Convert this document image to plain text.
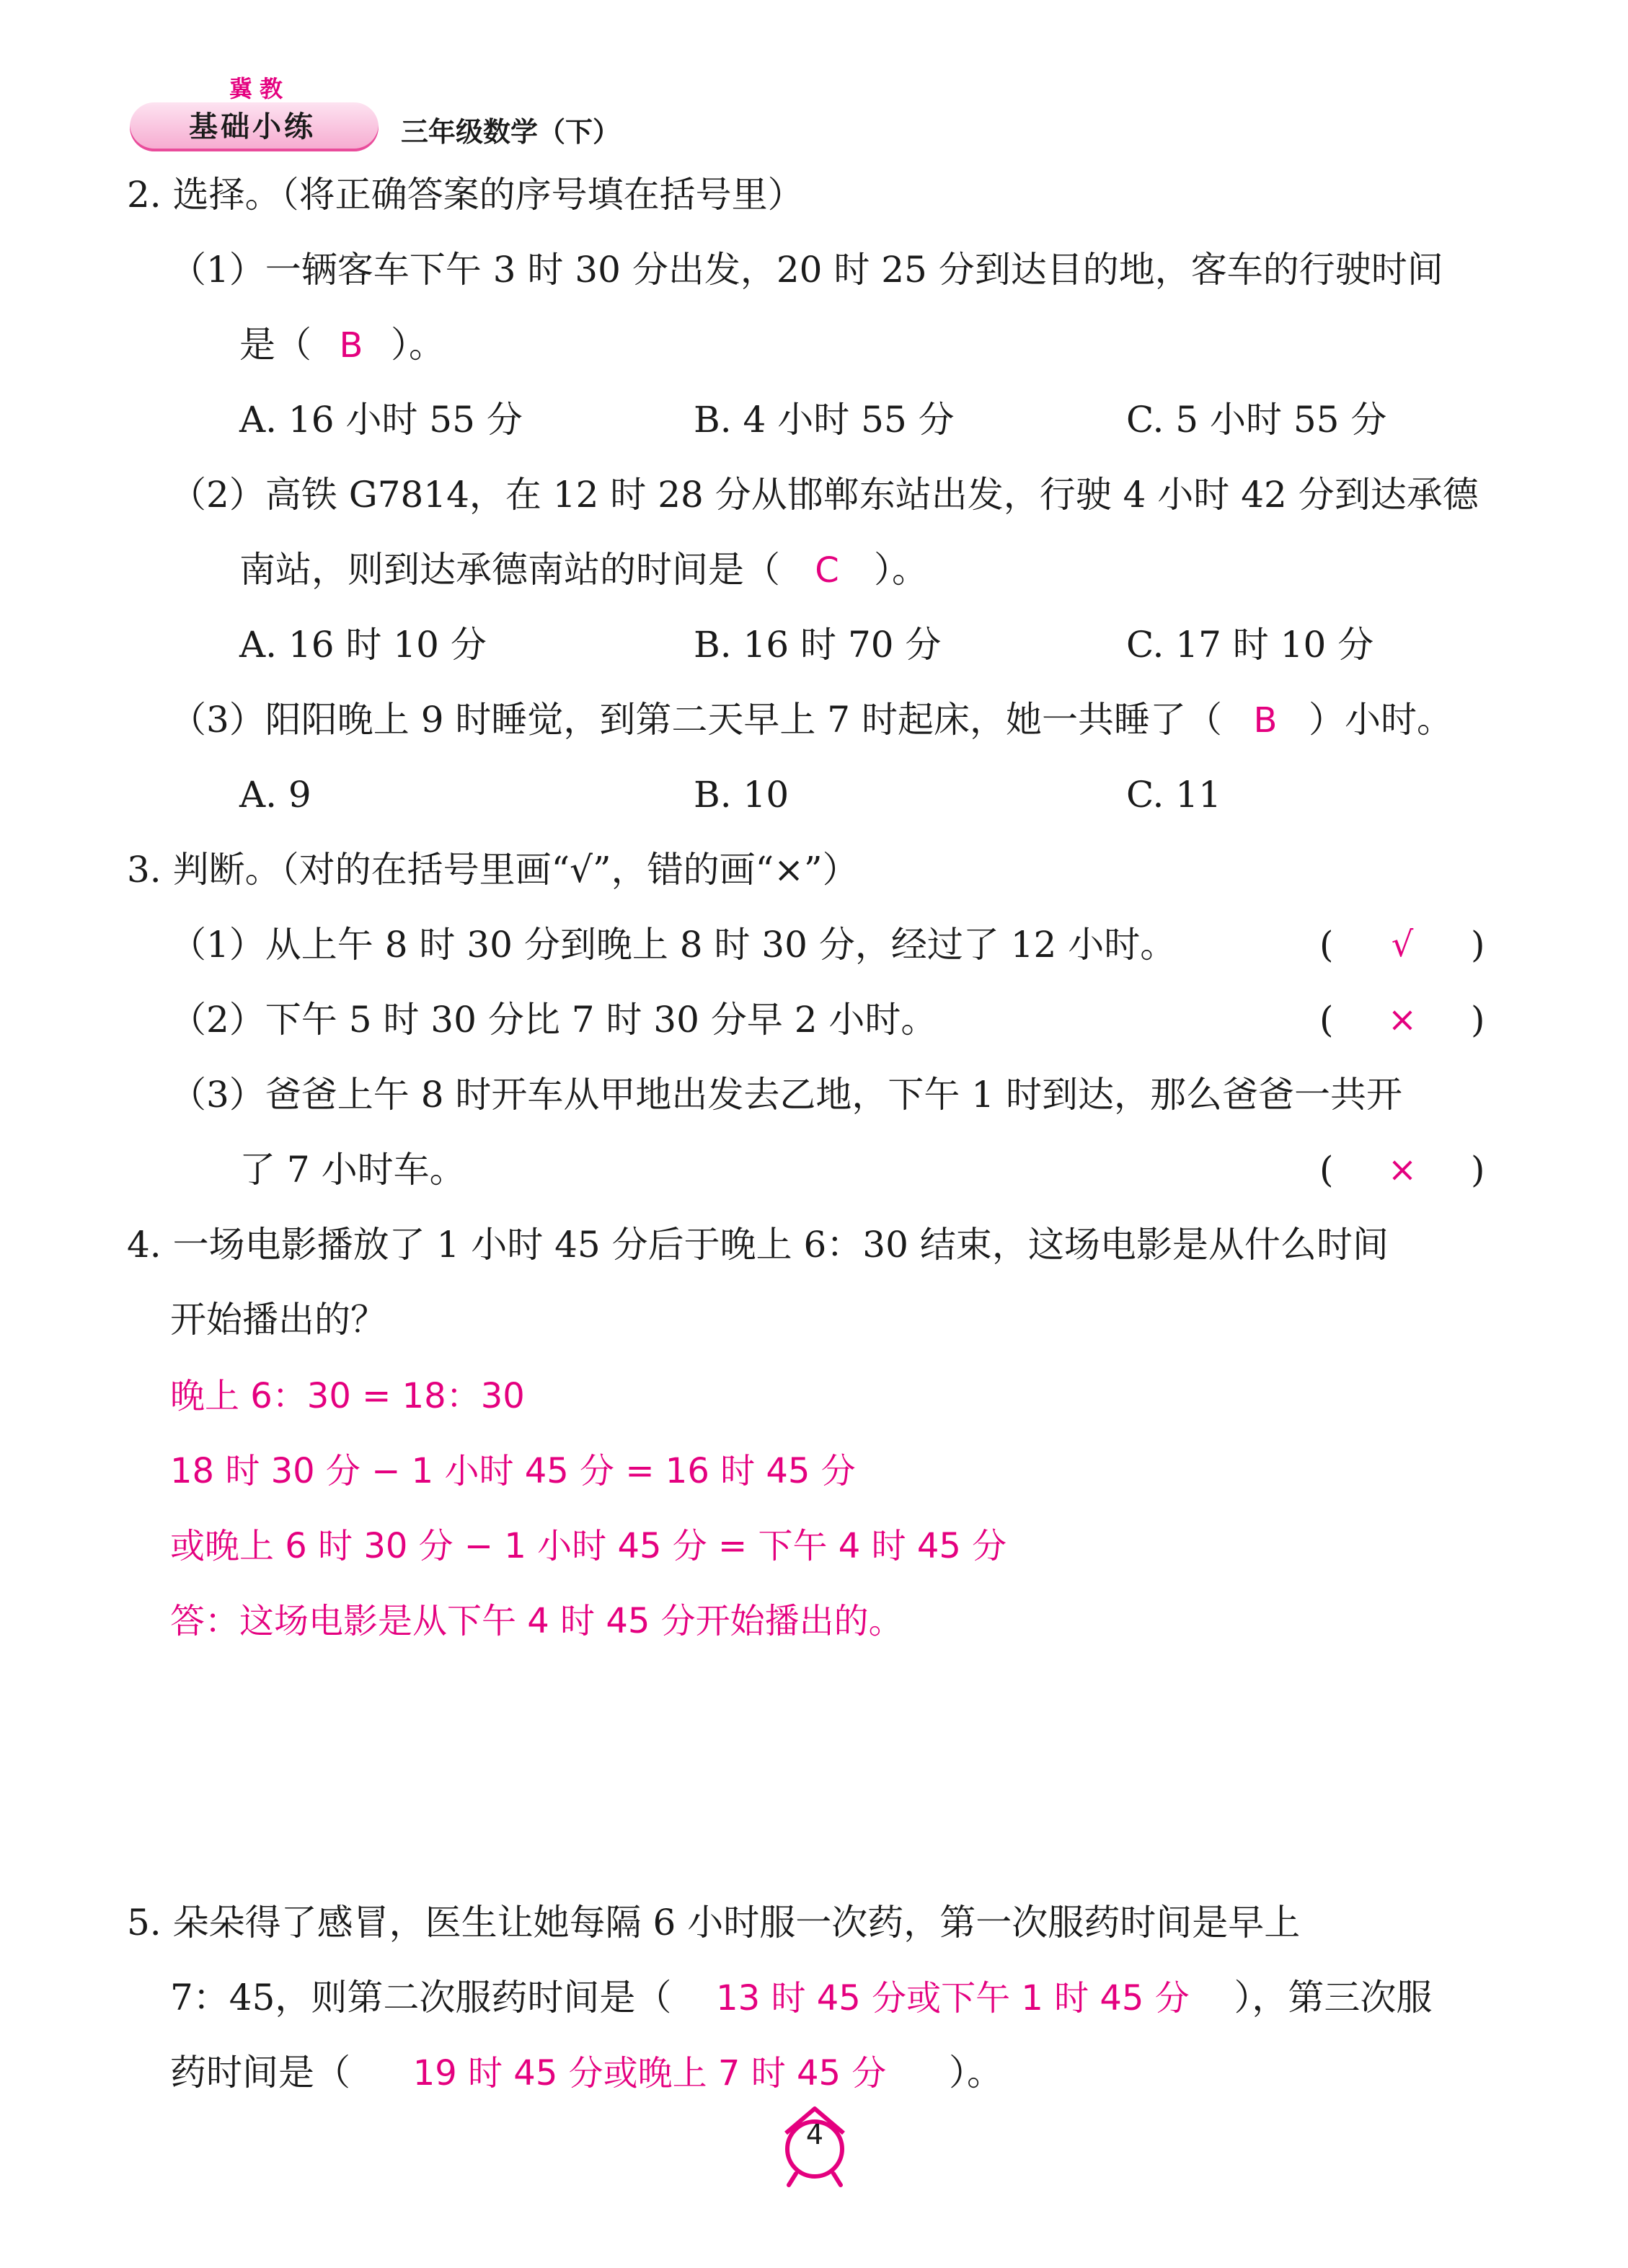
冀教
基础小练	三年级数学（下）
2. 选择。（将正确答案的序号填在括号里）
（1）一辆客车下午 3 时 30 分出发，20 时 25 分到达目的地，客车的行驶时间
是（ B ）。
A. 16 小时 55 分	B. 4 小时 55 分	C. 5 小时 55 分
（2）高铁 G7814，在 12 时 28 分从邯郸东站出发，行驶 4 小时 42 分到达承德
南站，则到达承德南站的时间是（ C ）。
A. 16 时 10 分	B. 16 时 70 分	C. 17 时 10 分
（3）阳阳晚上 9 时睡觉，到第二天早上 7 时起床，她一共睡了（ B ）小时。
A. 9	B. 10	C. 11
3. 判断。（对的在括号里画“√”，错的画“×”）
（1）从上午 8 时 30 分到晚上 8 时 30 分，经过了 12 小时。	(	√	)
（2）下午 5 时 30 分比 7 时 30 分早 2 小时。	(	×	)
（3）爸爸上午 8 时开车从甲地出发去乙地，下午 1 时到达，那么爸爸一共开
了 7 小时车。	(	×	)
4. 一场电影播放了 1 小时 45 分后于晚上 6：30 结束，这场电影是从什么时间
开始播出的？
晚上 6：30 = 18：30
18 时 30 分 − 1 小时 45 分 = 16 时 45 分
或晚上 6 时 30 分 − 1 小时 45 分 = 下午 4 时 45 分
答：这场电影是从下午 4 时 45 分开始播出的。
5. 朵朵得了感冒，医生让她每隔 6 小时服一次药，第一次服药时间是早上
7：45，则第二次服药时间是（ 13 时 45 分或下午 1 时 45 分 ），第三次服
药时间是（ 19 时 45 分或晚上 7 时 45 分 ）。
4
